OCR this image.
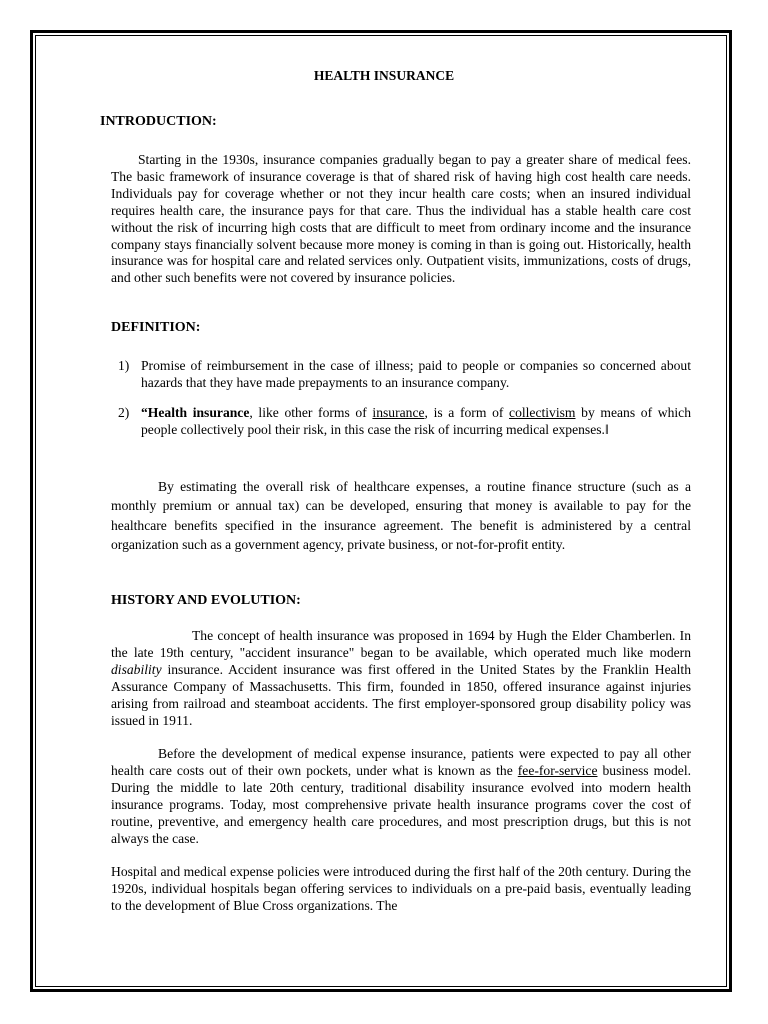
HEALTH INSURANCE
INTRODUCTION:
Starting in the 1930s, insurance companies gradually began to pay a greater share of medical fees. The basic framework of insurance coverage is that of shared risk of having high cost health care needs. Individuals pay for coverage whether or not they incur health care costs; when an insured individual requires health care, the insurance pays for that care. Thus the individual has a stable health care cost without the risk of incurring high costs that are difficult to meet from ordinary income and the insurance company stays financially solvent because more money is coming in than is going out. Historically, health insurance was for hospital care and related services only. Outpatient visits, immunizations, costs of drugs, and other such benefits were not covered by insurance policies.
DEFINITION:
1) Promise of reimbursement in the case of illness; paid to people or companies so concerned about hazards that they have made prepayments to an insurance company.
2) “Health insurance, like other forms of insurance, is a form of collectivism by means of which people collectively pool their risk, in this case the risk of incurring medical expenses.‖
By estimating the overall risk of healthcare expenses, a routine finance structure (such as a monthly premium or annual tax) can be developed, ensuring that money is available to pay for the healthcare benefits specified in the insurance agreement. The benefit is administered by a central organization such as a government agency, private business, or not-for-profit entity.
HISTORY AND EVOLUTION:
The concept of health insurance was proposed in 1694 by Hugh the Elder Chamberlen. In the late 19th century, "accident insurance" began to be available, which operated much like modern disability insurance. Accident insurance was first offered in the United States by the Franklin Health Assurance Company of Massachusetts. This firm, founded in 1850, offered insurance against injuries arising from railroad and steamboat accidents. The first employer-sponsored group disability policy was issued in 1911.
Before the development of medical expense insurance, patients were expected to pay all other health care costs out of their own pockets, under what is known as the fee-for-service business model. During the middle to late 20th century, traditional disability insurance evolved into modern health insurance programs. Today, most comprehensive private health insurance programs cover the cost of routine, preventive, and emergency health care procedures, and most prescription drugs, but this is not always the case.
Hospital and medical expense policies were introduced during the first half of the 20th century. During the 1920s, individual hospitals began offering services to individuals on a pre-paid basis, eventually leading to the development of Blue Cross organizations. The
